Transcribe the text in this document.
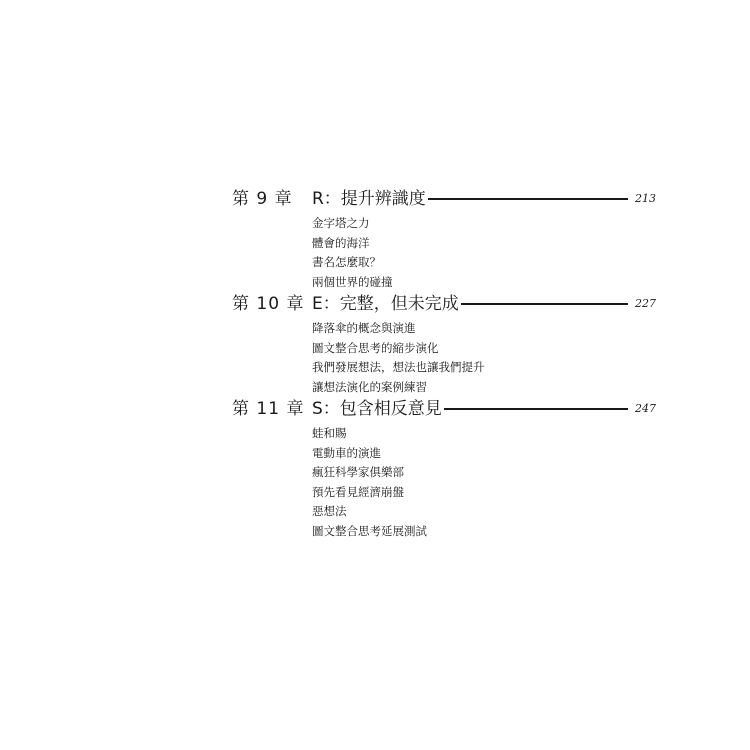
第 9 章 R：提升辨識度	213
金字塔之力
體會的海洋
書名怎麼取？
兩個世界的碰撞
第 10 章 E：完整，但未完成	227
降落傘的概念與演進
圖文整合思考的縮步演化
我們發展想法，想法也讓我們提升
讓想法演化的案例練習
第 11 章 S：包含相反意見	247
蛙和賜
電動車的演進
瘋狂科學家俱樂部
預先看見經濟崩盤
惡想法
圖文整合思考延展測試
